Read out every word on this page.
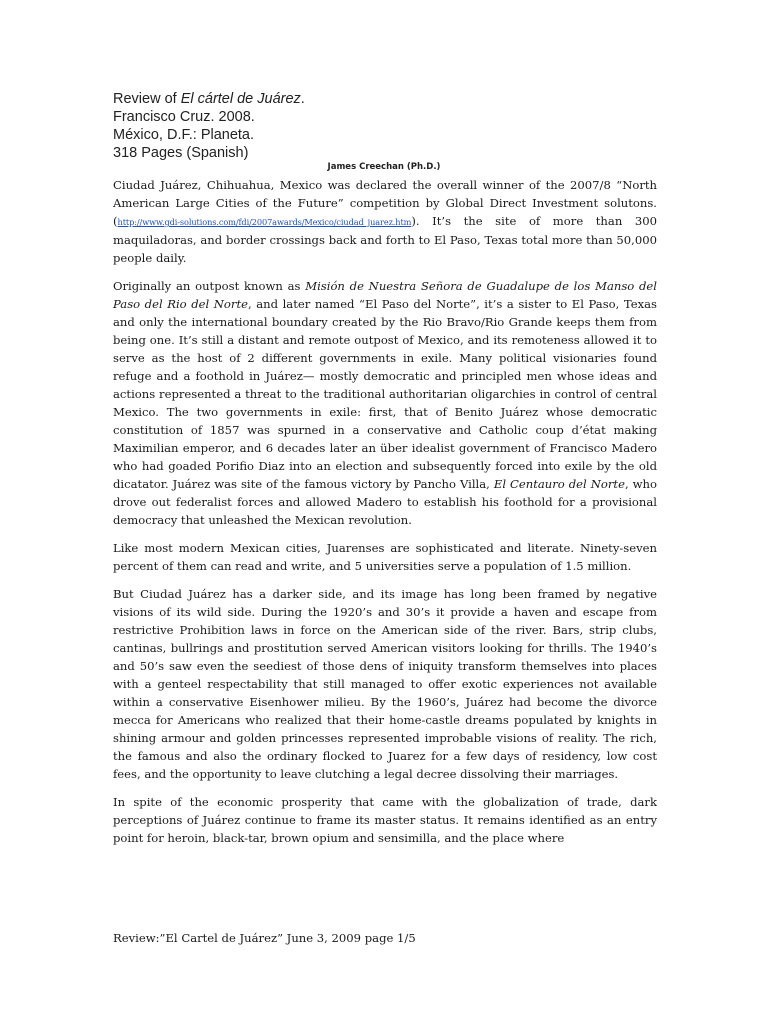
Review of El cártel de Juárez.
Francisco Cruz. 2008.
México, D.F.: Planeta.
318 Pages (Spanish)
James Creechan (Ph.D.)

Ciudad Juárez, Chihuahua, Mexico was declared the overall winner of the 2007/8 “North American Large Cities of the Future” competition by Global Direct Investment solutons. (http://www.gdi-solutions.com/fdi/2007awards/Mexico/ciudad_juarez.htm). It’s the site of more than 300 maquiladoras, and border crossings back and forth to El Paso, Texas total more than 50,000 people daily.

Originally an outpost known as Misión de Nuestra Señora de Guadalupe de los Manso del Paso del Rio del Norte, and later named “El Paso del Norte”, it’s a sister to El Paso, Texas and only the international boundary created by the Rio Bravo/Rio Grande keeps them from being one. It’s still a distant and remote outpost of Mexico, and its remoteness allowed it to serve as the host of 2 different governments in exile. Many political visionaries found refuge and a foothold in Juárez— mostly democratic and principled men whose ideas and actions represented a threat to the traditional authoritarian oligarchies in control of central Mexico. The two governments in exile: first, that of Benito Juárez whose democratic constitution of 1857 was spurned in a conservative and Catholic coup d’état making Maximilian emperor, and 6 decades later an über idealist government of Francisco Madero who had goaded Porifio Diaz into an election and subsequently forced into exile by the old dicatator. Juárez was site of the famous victory by Pancho Villa, El Centauro del Norte, who drove out federalist forces and allowed Madero to establish his foothold for a provisional democracy that unleashed the Mexican revolution.

Like most modern Mexican cities, Juarenses are sophisticated and literate. Ninety-seven percent of them can read and write, and 5 universities serve a population of 1.5 million.

But Ciudad Juárez has a darker side, and its image has long been framed by negative visions of its wild side. During the 1920’s and 30’s it provide a haven and escape from restrictive Prohibition laws in force on the American side of the river. Bars, strip clubs, cantinas, bullrings and prostitution served American visitors looking for thrills. The 1940’s and 50’s saw even the seediest of those dens of iniquity transform themselves into places with a genteel respectability that still managed to offer exotic experiences not available within a conservative Eisenhower milieu. By the 1960’s, Juárez had become the divorce mecca for Americans who realized that their home-castle dreams populated by knights in shining armour and golden princesses represented improbable visions of reality. The rich, the famous and also the ordinary flocked to Juarez for a few days of residency, low cost fees, and the opportunity to leave clutching a legal decree dissolving their marriages.

In spite of the economic prosperity that came with the globalization of trade, dark perceptions of Juárez continue to frame its master status. It remains identified as an entry point for heroin, black-tar, brown opium and sensimilla, and the place where

Review:”El Cartel de Juárez” June 3, 2009 page 1/5
